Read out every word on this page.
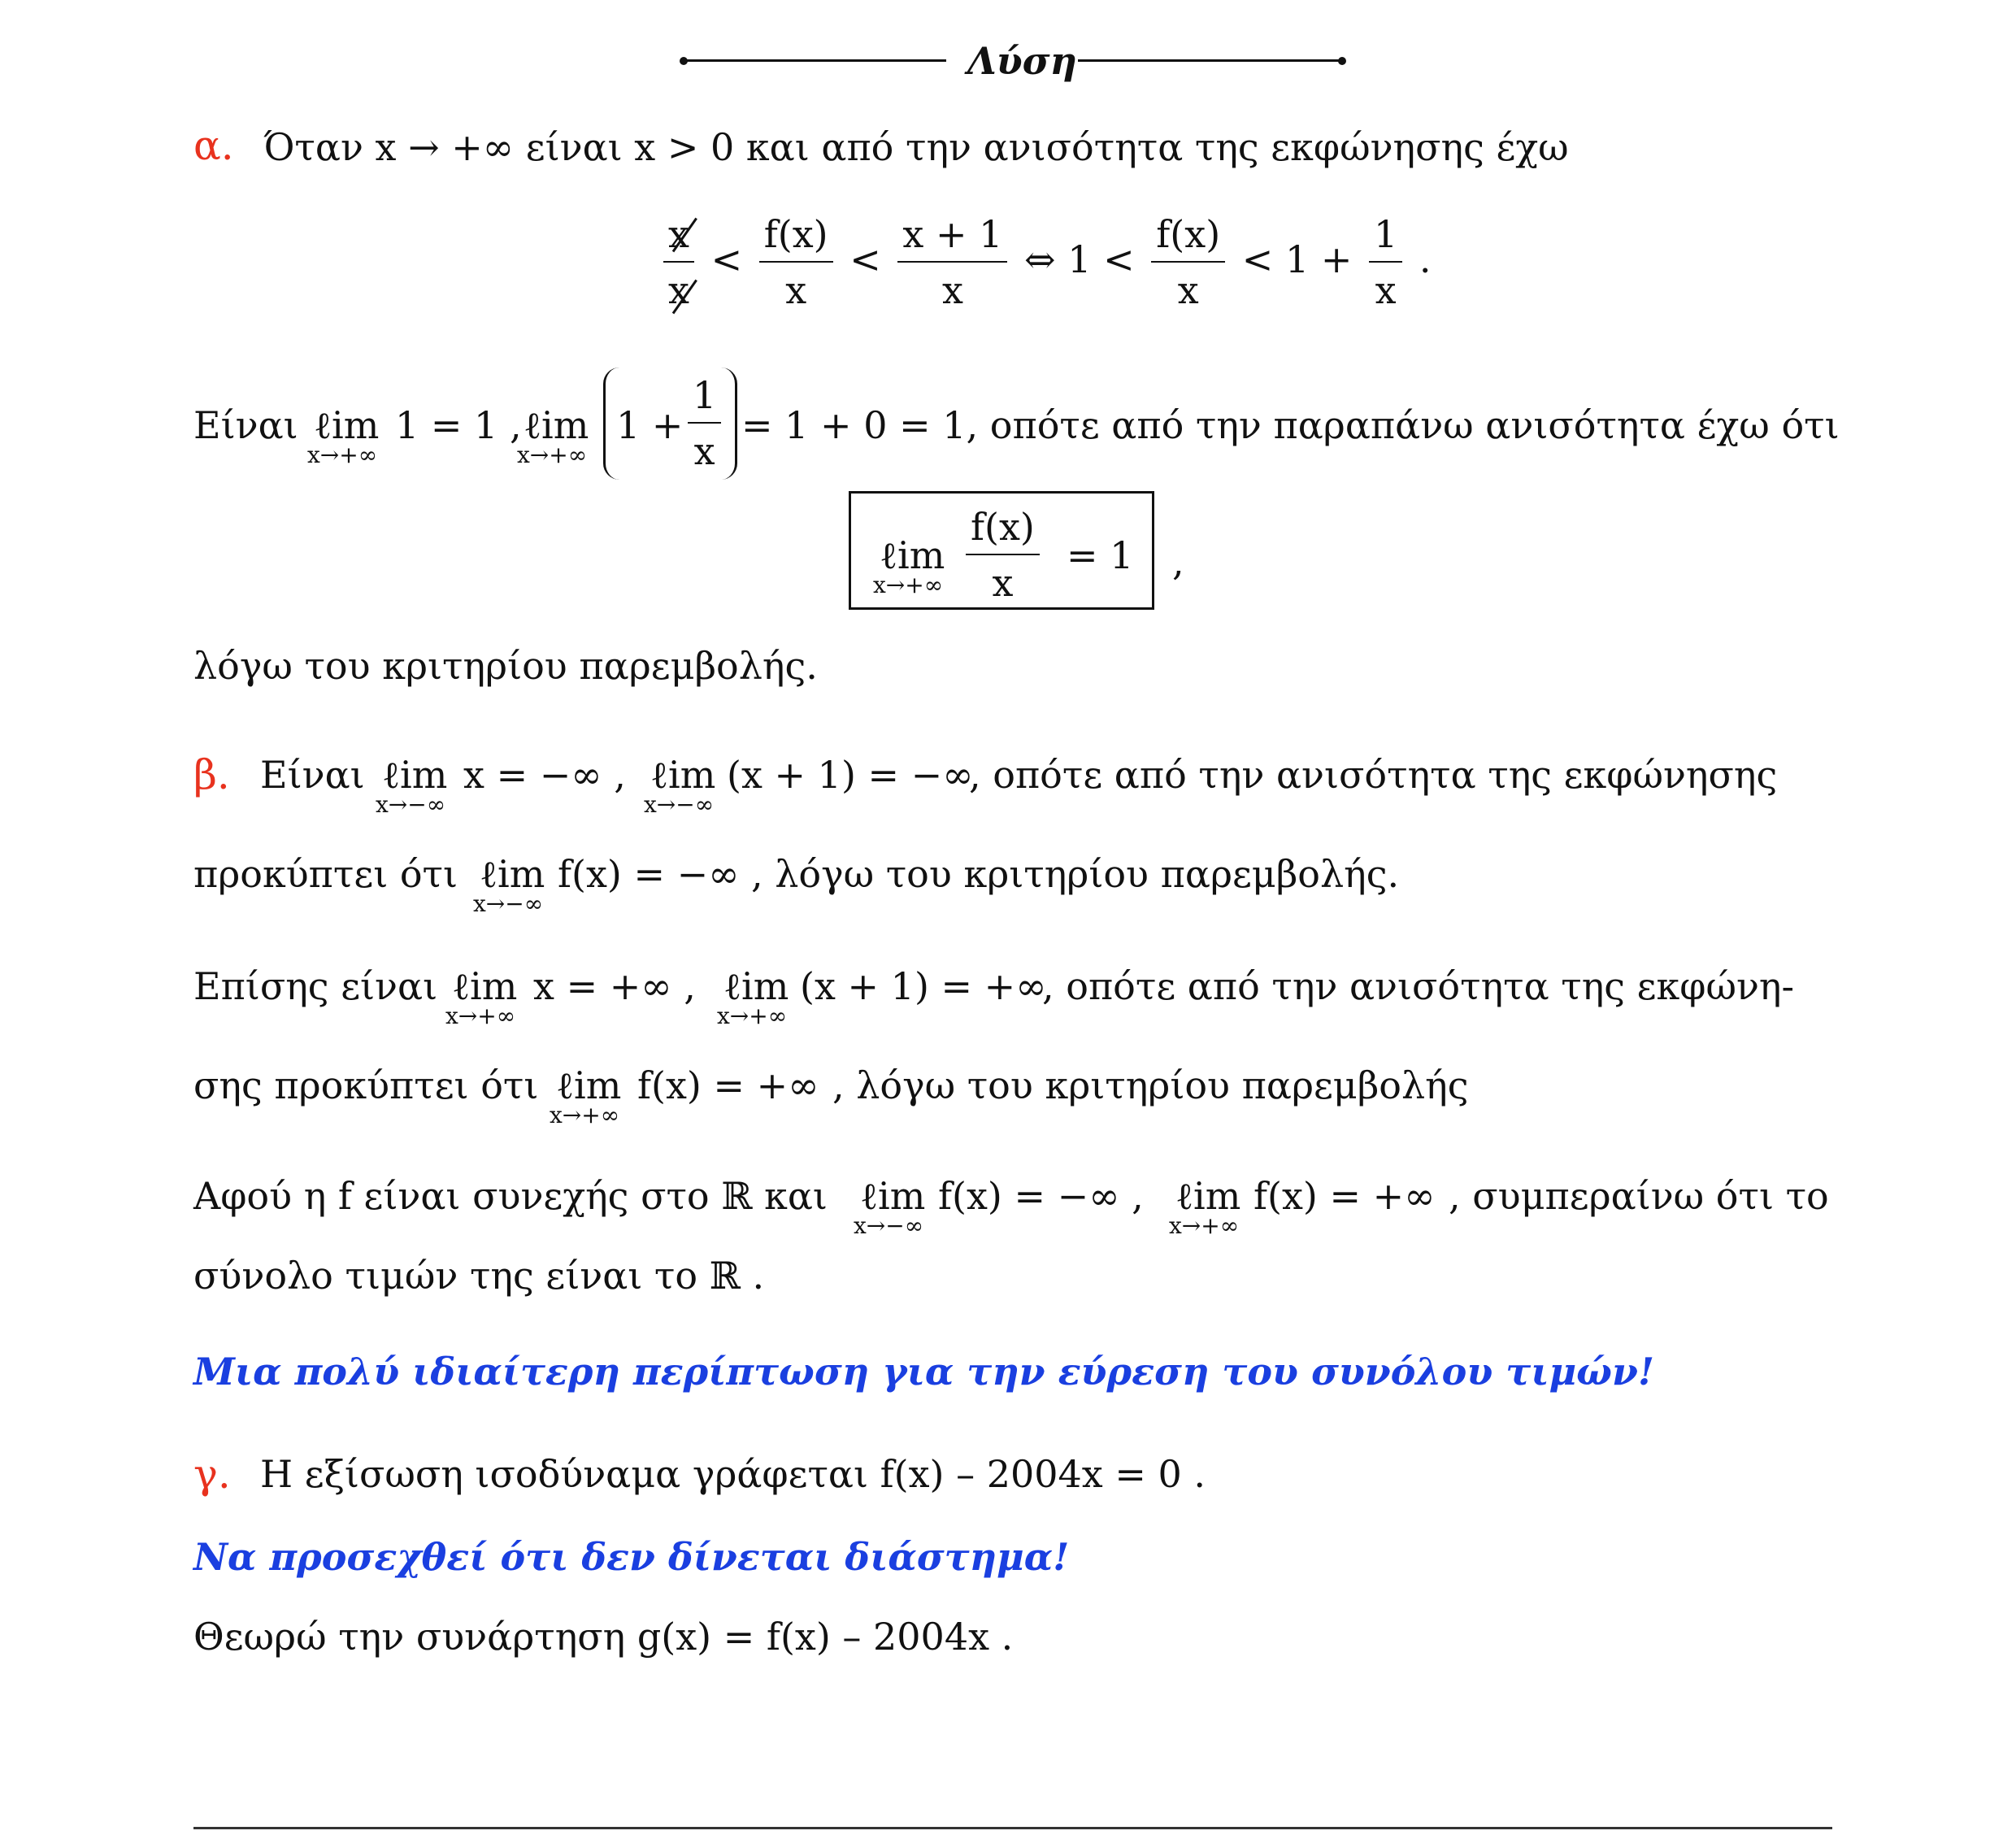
Λύση
α. Όταν x → +∞ είναι x > 0 και από την ανισότητα της εκφώνησης έχω
$\frac{x}{x} < \frac{f(x)}{x} < \frac{x + 1}{x}$ ⇔ $1 < \frac{f(x)}{x} < 1 + \frac{1}{x}$ .
Είναι ℓim
x→+∞
1 = 1 , ℓim
x→+∞
$1 + \frac{1}{x} = 1 + 0 = 1$, οπότε από την παραπάνω ανισότητα έχω ότι
ℓim
$x\to+\infty \frac{f(x)}{x} = 1$ ,
λόγω του κριτηρίου παρεμβολής.
β. Είναι ℓim
x→−∞
x = −∞ , ℓim
x→−∞
(x + 1) = −∞
, οπότε από την ανισότητα της εκφώνησης
προκύπτει ότι ℓim
x→−∞
f(x) = −∞ , λόγω του κριτηρίου παρεμβολής.
Επίσης είναι ℓim
x→+∞
x = +∞ , ℓim
x→+∞
(x + 1) = +∞
, οπότε από την ανισότητα της εκφώνη-
σης προκύπτει ότι ℓim
x→+∞
f(x) = +∞ , λόγω του κριτηρίου παρεμβολής
Αφού η f είναι συνεχής στο ℝ και ℓim
x→−∞
f(x) = −∞ , ℓim
x→+∞
f(x) = +∞ , συμπεραίνω ότι το
σύνολο τιμών της είναι το ℝ .
Μια πολύ ιδιαίτερη περίπτωση για την εύρεση του συνόλου τιμών!
γ. Η εξίσωση ισοδύναμα γράφεται f(x) – 2004x = 0 .
Να προσεχθεί ότι δεν δίνεται διάστημα!
Θεωρώ την συνάρτηση g(x) = f(x) – 2004x .
